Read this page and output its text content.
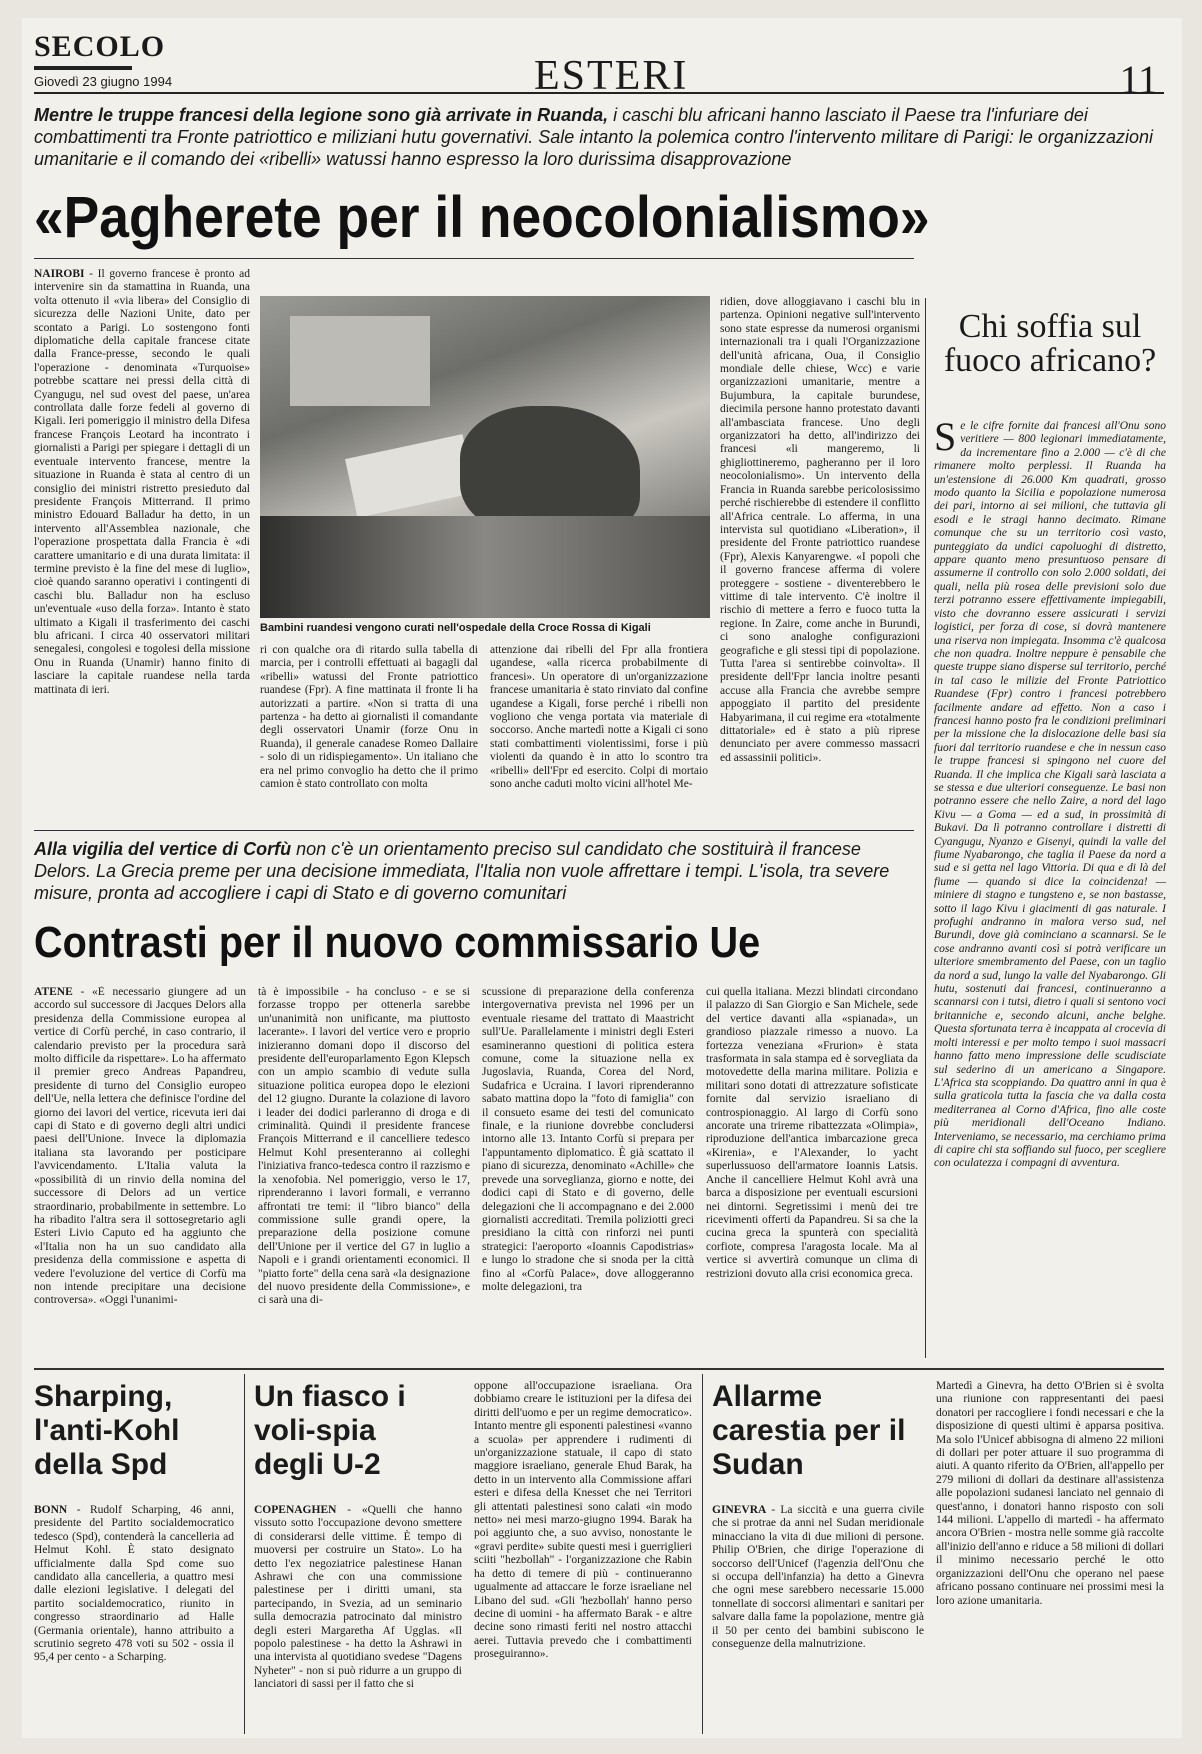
SECOLO
Giovedì 23 giugno 1994	ESTERI	11
Mentre le truppe francesi della legione sono già arrivate in Ruanda, i caschi blu africani hanno lasciato il Paese tra l'infuriare dei combattimenti tra Fronte patriottico e miliziani hutu governativi. Sale intanto la polemica contro l'intervento militare di Parigi: le organizzazioni umanitarie e il comando dei «ribelli» watussi hanno espresso la loro durissima disapprovazione
«Pagherete per il neocolonialismo»
NAIROBI - Il governo francese è pronto ad intervenire sin da stamattina in Ruanda, una volta ottenuto il «via libera» del Consiglio di sicurezza delle Nazioni Unite, dato per scontato a Parigi. Lo sostengono fonti diplomatiche della capitale francese citate dalla France-presse, secondo le quali l'operazione - denominata «Turquoise» potrebbe scattare nei pressi della città di Cyangugu, nel sud ovest del paese, un'area controllata dalle forze fedeli al governo di Kigali. Ieri pomeriggio il ministro della Difesa francese François Leotard ha incontrato i giornalisti a Parigi per spiegare i dettagli di un eventuale intervento francese, mentre la situazione in Ruanda è stata al centro di un consiglio dei ministri ristretto presieduto dal presidente François Mitterrand. Il primo ministro Edouard Balladur ha detto, in un intervento all'Assemblea nazionale, che l'operazione prospettata dalla Francia è «di carattere umanitario e di una durata limitata: il termine previsto è la fine del mese di luglio», cioè quando saranno operativi i contingenti di caschi blu. Balladur non ha escluso un'eventuale «uso della forza». Intanto è stato ultimato a Kigali il trasferimento dei caschi blu africani. I circa 40 osservatori militari senegalesi, congolesi e togolesi della missione Onu in Ruanda (Unamir) hanno finito di lasciare la capitale ruandese nella tarda mattinata di ieri.
Bambini ruandesi vengono curati nell'ospedale della Croce Rossa di Kigali
ri con qualche ora di ritardo sulla tabella di marcia, per i controlli effettuati ai bagagli dal «ribelli» watussi del Fronte patriottico ruandese (Fpr). A fine mattinata il fronte li ha autorizzati a partire. «Non si tratta di una partenza - ha detto ai giornalisti il comandante degli osservatori Unamir (forze Onu in Ruanda), il generale canadese Romeo Dallaire - solo di un ridispiegamento». Un italiano che era nel primo convoglio ha detto che il primo camion è stato controllato con molta
attenzione dai ribelli del Fpr alla frontiera ugandese, «alla ricerca probabilmente di francesi». Un operatore di un'organizzazione francese umanitaria è stato rinviato dal confine ugandese a Kigali, forse perché i ribelli non vogliono che venga portata via materiale di soccorso. Anche martedì notte a Kigali ci sono stati combattimenti violentissimi, forse i più violenti da quando è in atto lo scontro tra «ribelli» dell'Fpr ed esercito. Colpi di mortaio sono anche caduti molto vicini all'hotel Me-
ridien, dove alloggiavano i caschi blu in partenza. Opinioni negative sull'intervento sono state espresse da numerosi organismi internazionali tra i quali l'Organizzazione dell'unità africana, Oua, il Consiglio mondiale delle chiese, Wcc) e varie organizzazioni umanitarie, mentre a Bujumbura, la capitale burundese, diecimila persone hanno protestato davanti all'ambasciata francese. Uno degli organizzatori ha detto, all'indirizzo dei francesi «li mangeremo, li ghigliottineremo, pagheranno per il loro neocolonialismo». Un intervento della Francia in Ruanda sarebbe pericolosissimo perché rischierebbe di estendere il conflitto all'Africa centrale. Lo afferma, in una intervista sul quotidiano «Liberation», il presidente del Fronte patriottico ruandese (Fpr), Alexis Kanyarengwe. «I popoli che il governo francese afferma di volere proteggere - sostiene - diventerebbero le vittime di tale intervento. C'è inoltre il rischio di mettere a ferro e fuoco tutta la regione. In Zaire, come anche in Burundi, ci sono analoghe configurazioni geografiche e gli stessi tipi di popolazione. Tutta l'area si sentirebbe coinvolta». Il presidente dell'Fpr lancia inoltre pesanti accuse alla Francia che avrebbe sempre appoggiato il partito del presidente Habyarimana, il cui regime era «totalmente dittatoriale» ed è stato a più riprese denunciato per avere commesso massacri ed assassinii politici».
Chi soffia sul fuoco africano?
Se le cifre fornite dai francesi all'Onu sono veritiere — 800 legionari immediatamente, da incrementare fino a 2.000 — c'è di che rimanere molto perplessi. Il Ruanda ha un'estensione di 26.000 Km quadrati, grosso modo quanto la Sicilia e popolazione numerosa dei pari, intorno ai sei milioni, che tuttavia gli esodi e le stragi hanno decimato. Rimane comunque che su un territorio così vasto, punteggiato da undici capoluoghi di distretto, appare quanto meno presuntuoso pensare di assumerne il controllo con solo 2.000 soldati, dei quali, nella più rosea delle previsioni solo due terzi potranno essere effettivamente impiegabili, visto che dovranno essere assicurati i servizi logistici, per forza di cose, si dovrà mantenere una riserva non impiegata. Insomma c'è qualcosa che non quadra. Inoltre neppure è pensabile che queste truppe siano disperse sul territorio, perché in tal caso le milizie del Fronte Patriottico Ruandese (Fpr) contro i francesi potrebbero facilmente andare ad effetto. Non a caso i francesi hanno posto fra le condizioni preliminari per la missione che la dislocazione delle basi sia fuori dal territorio ruandese e che in nessun caso le truppe francesi si spingono nel cuore del Ruanda. Il che implica che Kigali sarà lasciata a se stessa e due ulteriori conseguenze. Le basi non potranno essere che nello Zaire, a nord del lago Kivu — a Goma — ed a sud, in prossimità di Bukavi. Da lì potranno controllare i distretti di Cyangugu, Nyanzo e Gisenyi, quindi la valle del fiume Nyabarongo, che taglia il Paese da nord a sud e si getta nel lago Vittoria. Di qua e di là del fiume — quando si dice la coincidenza! — miniere di stagno e tungsteno e, se non bastasse, sotto il lago Kivu i giacimenti di gas naturale. I profughi andranno in malora verso sud, nel Burundi, dove già cominciano a scannarsi. Se le cose andranno avanti così si potrà verificare un ulteriore smembramento del Paese, con un taglio da nord a sud, lungo la valle del Nyabarongo. Gli hutu, sostenuti dai francesi, continueranno a scannarsi con i tutsi, dietro i quali si sentono voci britanniche e, secondo alcuni, anche belghe. Questa sfortunata terra è incappata al crocevia di molti interessi e per molto tempo i suoi massacri hanno fatto meno impressione delle scudisciate sul sederino di un americano a Singapore. L'Africa sta scoppiando. Da quattro anni in qua è sulla graticola tutta la fascia che va dalla costa mediterranea al Corno d'Africa, fino alle coste più meridionali dell'Oceano Indiano. Interveniamo, se necessario, ma cerchiamo prima di capire chi sta soffiando sul fuoco, per scegliere con oculatezza i compagni di avventura.
Alla vigilia del vertice di Corfù non c'è un orientamento preciso sul candidato che sostituirà il francese Delors. La Grecia preme per una decisione immediata, l'Italia non vuole affrettare i tempi. L'isola, tra severe misure, pronta ad accogliere i capi di Stato e di governo comunitari
Contrasti per il nuovo commissario Ue
ATENE - «È necessario giungere ad un accordo sul successore di Jacques Delors alla presidenza della Commissione europea al vertice di Corfù perché, in caso contrario, il calendario previsto per la procedura sarà molto difficile da rispettare». Lo ha affermato il premier greco Andreas Papandreu, presidente di turno del Consiglio europeo dell'Ue, nella lettera che definisce l'ordine del giorno dei lavori del vertice, ricevuta ieri dai capi di Stato e di governo degli altri undici paesi dell'Unione. Invece la diplomazia italiana sta lavorando per posticipare l'avvicendamento. L'Italia valuta la «possibilità di un rinvio della nomina del successore di Delors ad un vertice straordinario, probabilmente in settembre. Lo ha ribadito l'altra sera il sottosegretario agli Esteri Livio Caputo ed ha aggiunto che «l'Italia non ha un suo candidato alla presidenza della commissione e aspetta di vedere l'evoluzione del vertice di Corfù ma non intende precipitare una decisione controversa». «Oggi l'unanimi-
tà è impossibile - ha concluso - e se si forzasse troppo per ottenerla sarebbe un'unanimità non unificante, ma piuttosto lacerante». I lavori del vertice vero e proprio inizieranno domani dopo il discorso del presidente dell'europarlamento Egon Klepsch con un ampio scambio di vedute sulla situazione politica europea dopo le elezioni del 12 giugno. Durante la colazione di lavoro i leader dei dodici parleranno di droga e di criminalità. Quindi il presidente francese François Mitterrand e il cancelliere tedesco Helmut Kohl presenteranno ai colleghi l'iniziativa franco-tedesca contro il razzismo e la xenofobia. Nel pomeriggio, verso le 17, riprenderanno i lavori formali, e verranno affrontati tre temi: il "libro bianco" della commissione sulle grandi opere, la preparazione della posizione comune dell'Unione per il vertice del G7 in luglio a Napoli e i grandi orientamenti economici. Il "piatto forte" della cena sarà «la designazione del nuovo presidente della Commissione», e ci sarà una di-
scussione di preparazione della conferenza intergovernativa prevista nel 1996 per un eventuale riesame del trattato di Maastricht sull'Ue. Parallelamente i ministri degli Esteri esamineranno questioni di politica estera comune, come la situazione nella ex Jugoslavia, Ruanda, Corea del Nord, Sudafrica e Ucraina. I lavori riprenderanno sabato mattina dopo la "foto di famiglia" con il consueto esame dei testi del comunicato finale, e la riunione dovrebbe concludersi intorno alle 13. Intanto Corfù si prepara per l'appuntamento diplomatico. È già scattato il piano di sicurezza, denominato «Achille» che prevede una sorveglianza, giorno e notte, dei dodici capi di Stato e di governo, delle delegazioni che li accompagnano e dei 2.000 giornalisti accreditati. Tremila poliziotti greci presidiano la città con rinforzi nei punti strategici: l'aeroporto «Ioannis Capodistrias» e lungo lo stradone che si snoda per la città fino al «Corfù Palace», dove alloggeranno molte delegazioni, tra
cui quella italiana. Mezzi blindati circondano il palazzo di San Giorgio e San Michele, sede del vertice davanti alla «spianada», un grandioso piazzale rimesso a nuovo. La fortezza veneziana «Frurion» è stata trasformata in sala stampa ed è sorvegliata da motovedette della marina militare. Polizia e militari sono dotati di attrezzature sofisticate fornite dal servizio israeliano di controspionaggio. Al largo di Corfù sono ancorate una trireme ribattezzata «Olimpia», riproduzione dell'antica imbarcazione greca «Kirenia», e l'Alexander, lo yacht superlussuoso dell'armatore Ioannis Latsis. Anche il cancelliere Helmut Kohl avrà una barca a disposizione per eventuali escursioni nei dintorni. Segretissimi i menù dei tre ricevimenti offerti da Papandreu. Si sa che la cucina greca la spunterà con specialità corfiote, compresa l'aragosta locale. Ma al vertice si avvertirà comunque un clima di restrizioni dovuto alla crisi economica greca.
Sharping, l'anti-Kohl della Spd
BONN - Rudolf Scharping, 46 anni, presidente del Partito socialdemocratico tedesco (Spd), contenderà la cancelleria ad Helmut Kohl. È stato designato ufficialmente dalla Spd come suo candidato alla cancelleria, a quattro mesi dalle elezioni legislative. I delegati del partito socialdemocratico, riunito in congresso straordinario ad Halle (Germania orientale), hanno attribuito a scrutinio segreto 478 voti su 502 - ossia il 95,4 per cento - a Scharping.
Un fiasco i voli-spia degli U-2
COPENAGHEN - «Quelli che hanno vissuto sotto l'occupazione devono smettere di considerarsi delle vittime. È tempo di muoversi per costruire un Stato». Lo ha detto l'ex negoziatrice palestinese Hanan Ashrawi che con una commissione palestinese per i diritti umani, sta partecipando, in Svezia, ad un seminario sulla democrazia patrocinato dal ministro degli esteri Margaretha Af Ugglas. «Il popolo palestinese - ha detto la Ashrawi in una intervista al quotidiano svedese "Dagens Nyheter" - non si può ridurre a un gruppo di lanciatori di sassi per il fatto che si
oppone all'occupazione israeliana. Ora dobbiamo creare le istituzioni per la difesa dei diritti dell'uomo e per un regime democratico». Intanto mentre gli esponenti palestinesi «vanno a scuola» per apprendere i rudimenti di un'organizzazione statuale, il capo di stato maggiore israeliano, generale Ehud Barak, ha detto in un intervento alla Commissione affari esteri e difesa della Knesset che nei Territori gli attentati palestinesi sono calati «in modo netto» nei mesi marzo-giugno 1994. Barak ha poi aggiunto che, a suo avviso, nonostante le «gravi perdite» subite questi mesi i guerriglieri sciiti "hezbollah" - l'organizzazione che Rabin ha detto di temere di più - continueranno ugualmente ad attaccare le forze israeliane nel Libano del sud. «Gli 'hezbollah' hanno perso decine di uomini - ha affermato Barak - e altre decine sono rimasti feriti nel nostro attacchi aerei. Tuttavia prevedo che i combattimenti proseguiranno».
Allarme carestia per il Sudan
GINEVRA - La siccità e una guerra civile che si protrae da anni nel Sudan meridionale minacciano la vita di due milioni di persone. Philip O'Brien, che dirige l'operazione di soccorso dell'Unicef (l'agenzia dell'Onu che si occupa dell'infanzia) ha detto a Ginevra che ogni mese sarebbero necessarie 15.000 tonnellate di soccorsi alimentari e sanitari per salvare dalla fame la popolazione, mentre già il 50 per cento dei bambini subiscono le conseguenze della malnutrizione.
Martedì a Ginevra, ha detto O'Brien si è svolta una riunione con rappresentanti dei paesi donatori per raccogliere i fondi necessari e che la disposizione di questi ultimi è apparsa positiva. Ma solo l'Unicef abbisogna di almeno 22 milioni di dollari per poter attuare il suo programma di aiuti. A quanto riferito da O'Brien, all'appello per 279 milioni di dollari da destinare all'assistenza alle popolazioni sudanesi lanciato nel gennaio di quest'anno, i donatori hanno risposto con soli 144 milioni. L'appello di martedì - ha affermato ancora O'Brien - mostra nelle somme già raccolte all'inizio dell'anno e riduce a 58 milioni di dollari il minimo necessario perché le otto organizzazioni dell'Onu che operano nel paese africano possano continuare nei prossimi mesi la loro azione umanitaria.
